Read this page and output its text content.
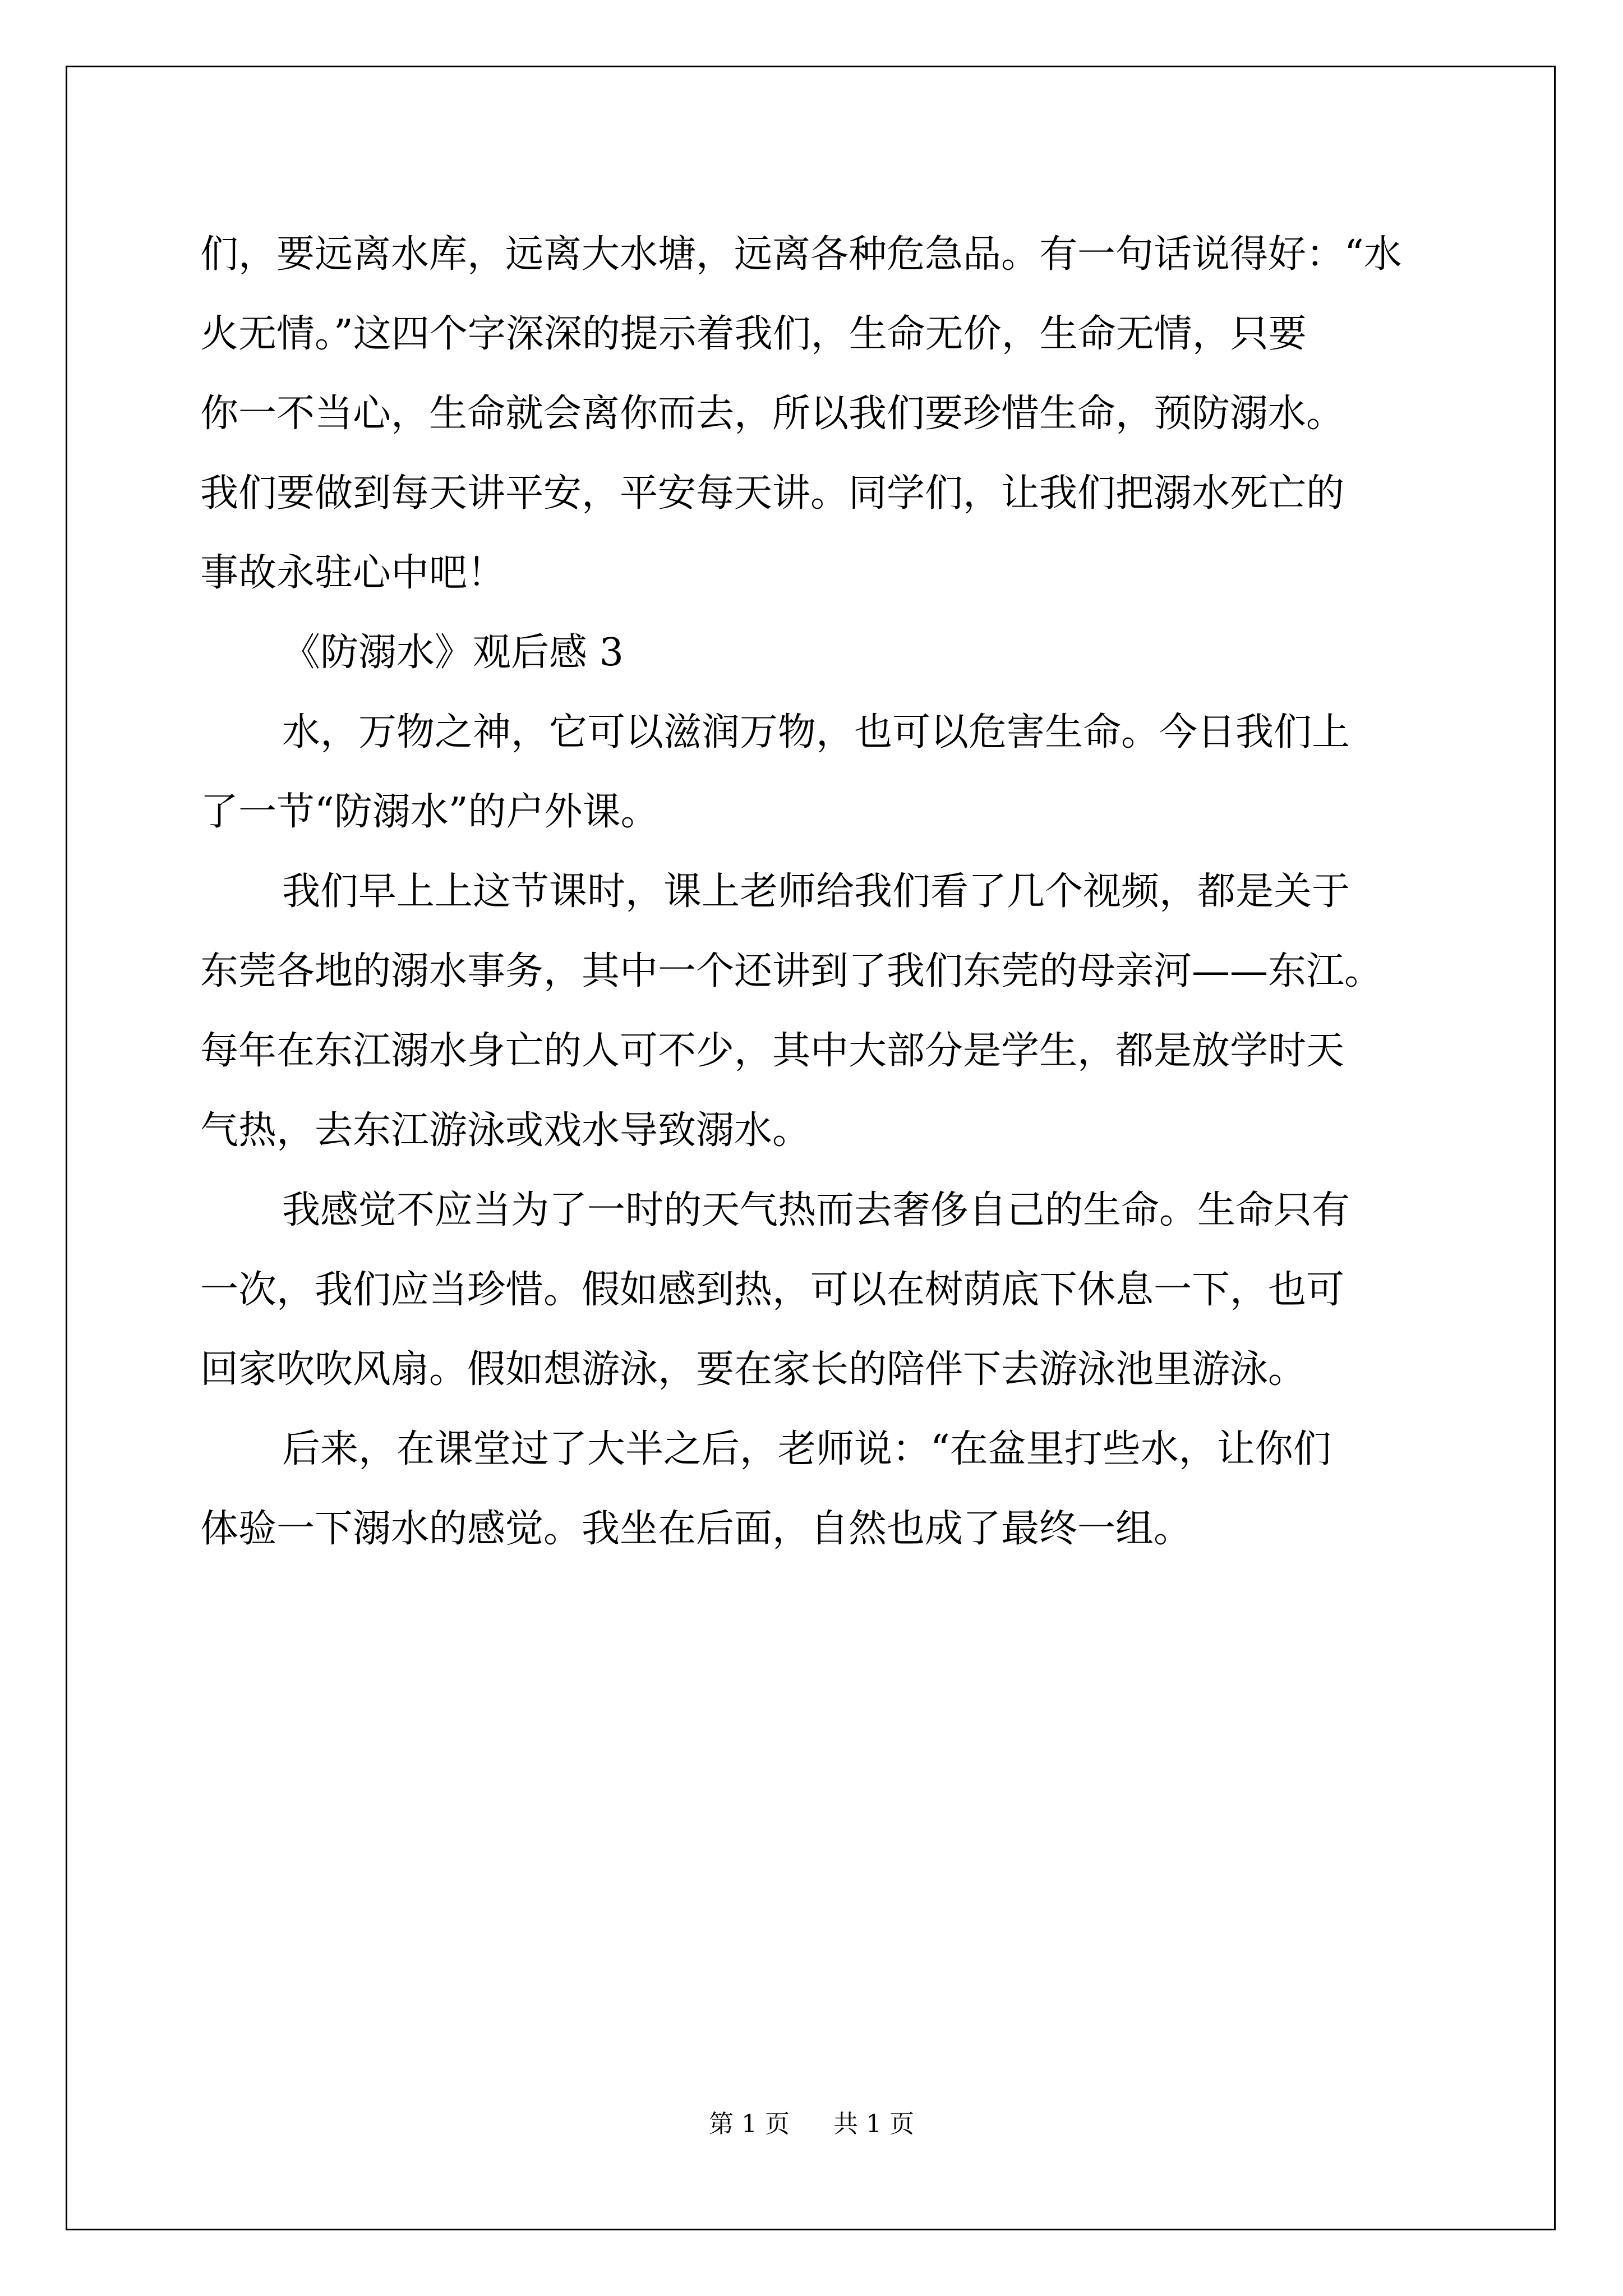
们，要远离水库，远离大水塘，远离各种危急品。有一句话说得好：“水
火无情。”这四个字深深的提示着我们，生命无价，生命无情，只要
你一不当心，生命就会离你而去，所以我们要珍惜生命，预防溺水。
我们要做到每天讲平安，平安每天讲。同学们，让我们把溺水死亡的
事故永驻心中吧！
《防溺水》观后感 3
水，万物之神，它可以滋润万物，也可以危害生命。今日我们上
了一节“防溺水”的户外课。
我们早上上这节课时，课上老师给我们看了几个视频，都是关于
东莞各地的溺水事务，其中一个还讲到了我们东莞的母亲河——东江。
每年在东江溺水身亡的人可不少，其中大部分是学生，都是放学时天
气热，去东江游泳或戏水导致溺水。
我感觉不应当为了一时的天气热而去奢侈自己的生命。生命只有
一次，我们应当珍惜。假如感到热，可以在树荫底下休息一下，也可
回家吹吹风扇。假如想游泳，要在家长的陪伴下去游泳池里游泳。
后来，在课堂过了大半之后，老师说：“在盆里打些水，让你们
体验一下溺水的感觉。我坐在后面，自然也成了最终一组。
第 1 页 共 1 页
